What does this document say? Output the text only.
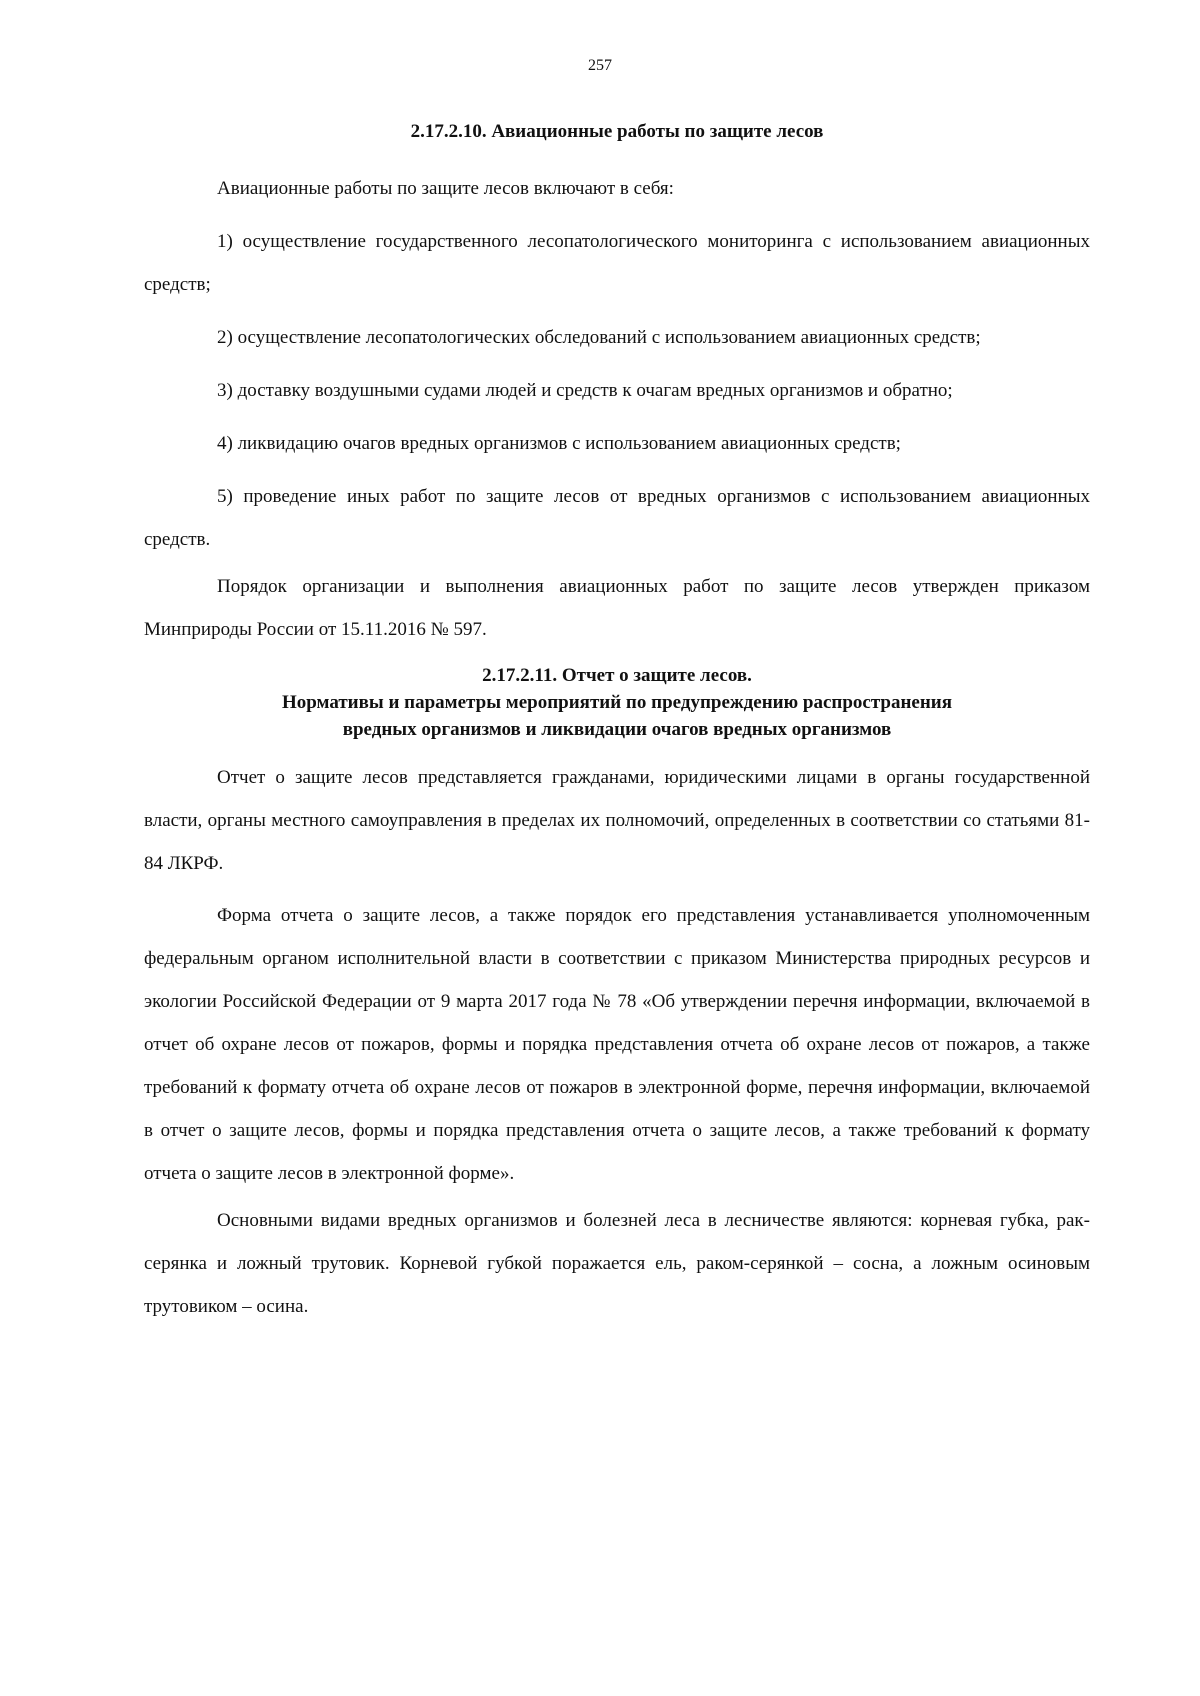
257

2.17.2.10. Авиационные работы по защите лесов

Авиационные работы по защите лесов включают в себя:

1) осуществление государственного лесопатологического мониторинга с использованием авиационных средств;

2) осуществление лесопатологических обследований с использованием авиационных средств;

3) доставку воздушными судами людей и средств к очагам вредных организмов и обратно;

4) ликвидацию очагов вредных организмов с использованием авиационных средств;

5) проведение иных работ по защите лесов от вредных организмов с использованием авиационных средств.

Порядок организации и выполнения авиационных работ по защите лесов утвержден приказом Минприроды России от 15.11.2016 № 597.

2.17.2.11. Отчет о защите лесов.

Нормативы и параметры мероприятий по предупреждению распространения

вредных организмов и ликвидации очагов вредных организмов

Отчет о защите лесов представляется гражданами, юридическими лицами в органы государственной власти, органы местного самоуправления в пределах их полномочий, определенных в соответствии со статьями 81-84 ЛКРФ.

Форма отчета о защите лесов, а также порядок его представления устанавливается уполномоченным федеральным органом исполнительной власти в соответствии с приказом Министерства природных ресурсов и экологии Российской Федерации от 9 марта 2017 года № 78 «Об утверждении перечня информации, включаемой в отчет об охране лесов от пожаров, формы и порядка представления отчета об охране лесов от пожаров, а также требований к формату отчета об охране лесов от пожаров в электронной форме, перечня информации, включаемой в отчет о защите лесов, формы и порядка представления отчета о защите лесов, а также требований к формату отчета о защите лесов в электронной форме».

Основными видами вредных организмов и болезней леса в лесничестве являются: корневая губка, рак-серянка и ложный трутовик. Корневой губкой поражается ель, раком-серянкой – сосна, а ложным осиновым трутовиком – осина.
